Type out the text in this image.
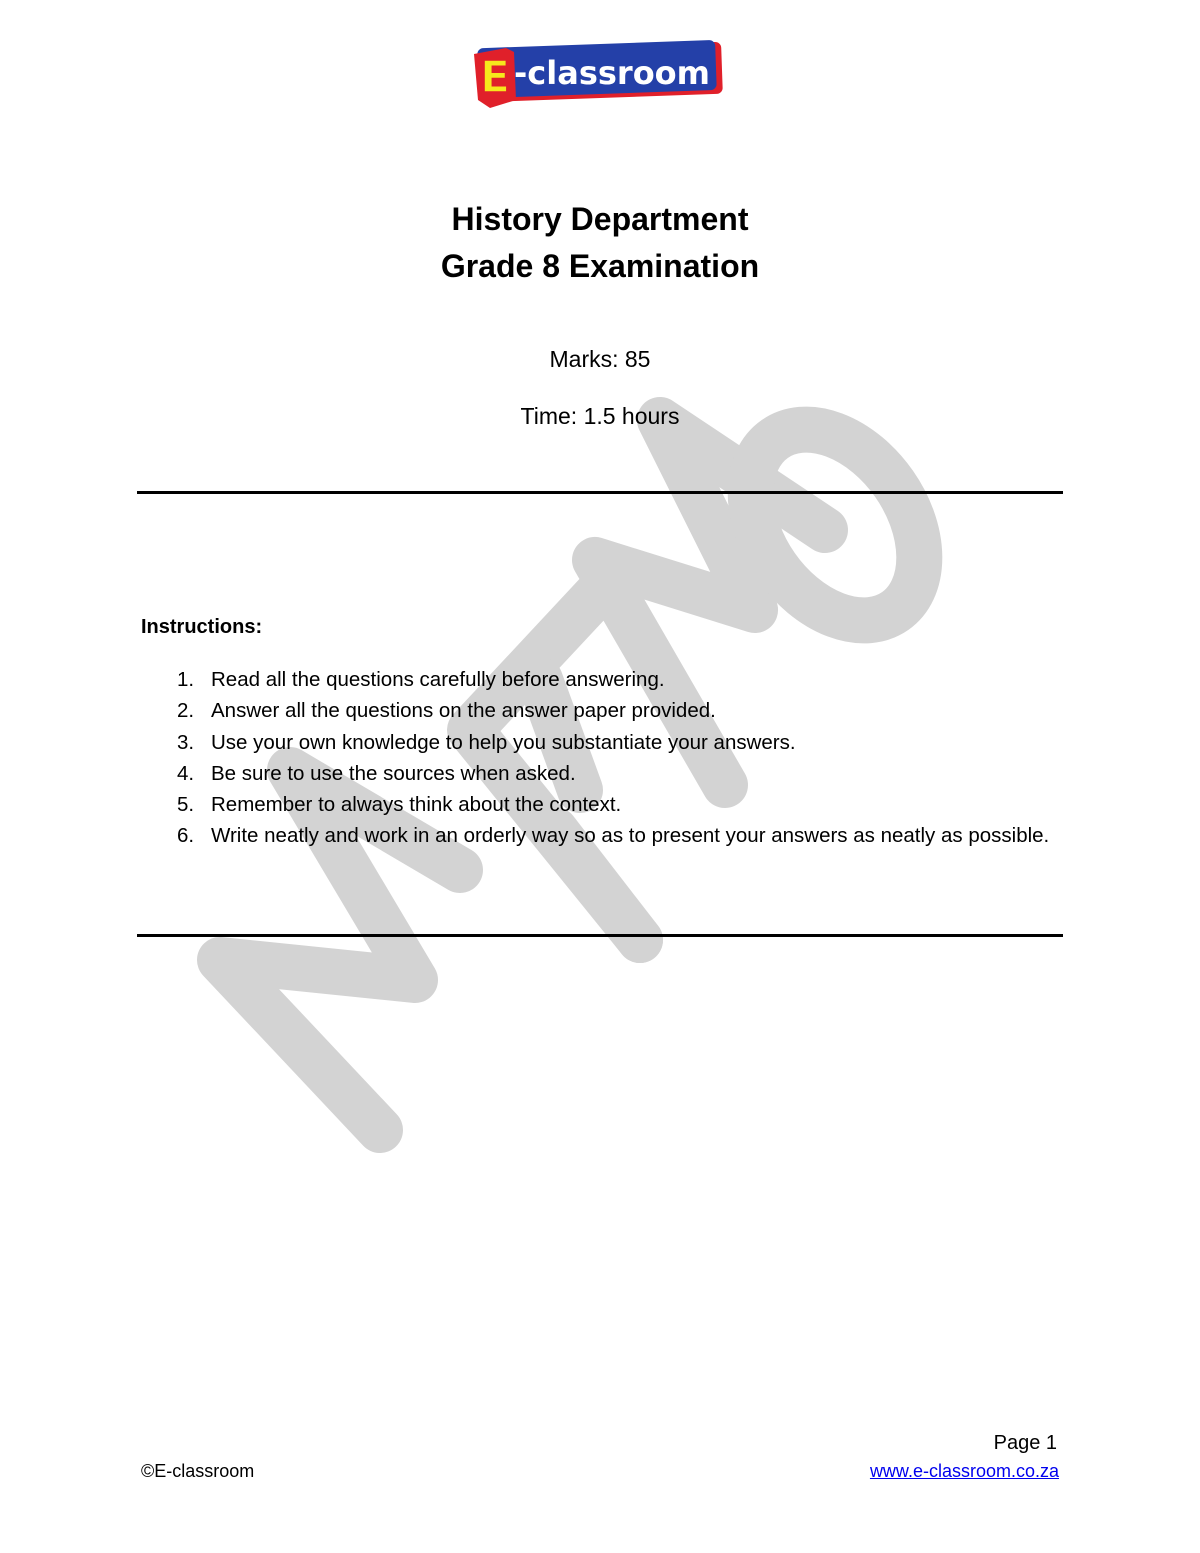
E -classroom
History Department
Grade 8 Examination
Marks: 85
Time: 1.5 hours
Instructions:
1. Read all the questions carefully before answering.
2. Answer all the questions on the answer paper provided.
3. Use your own knowledge to help you substantiate your answers.
4. Be sure to use the sources when asked.
5. Remember to always think about the context.
6. Write neatly and work in an orderly way so as to present your answers as neatly as possible.
Page 1
©E-classroom	www.e-classroom.co.za
